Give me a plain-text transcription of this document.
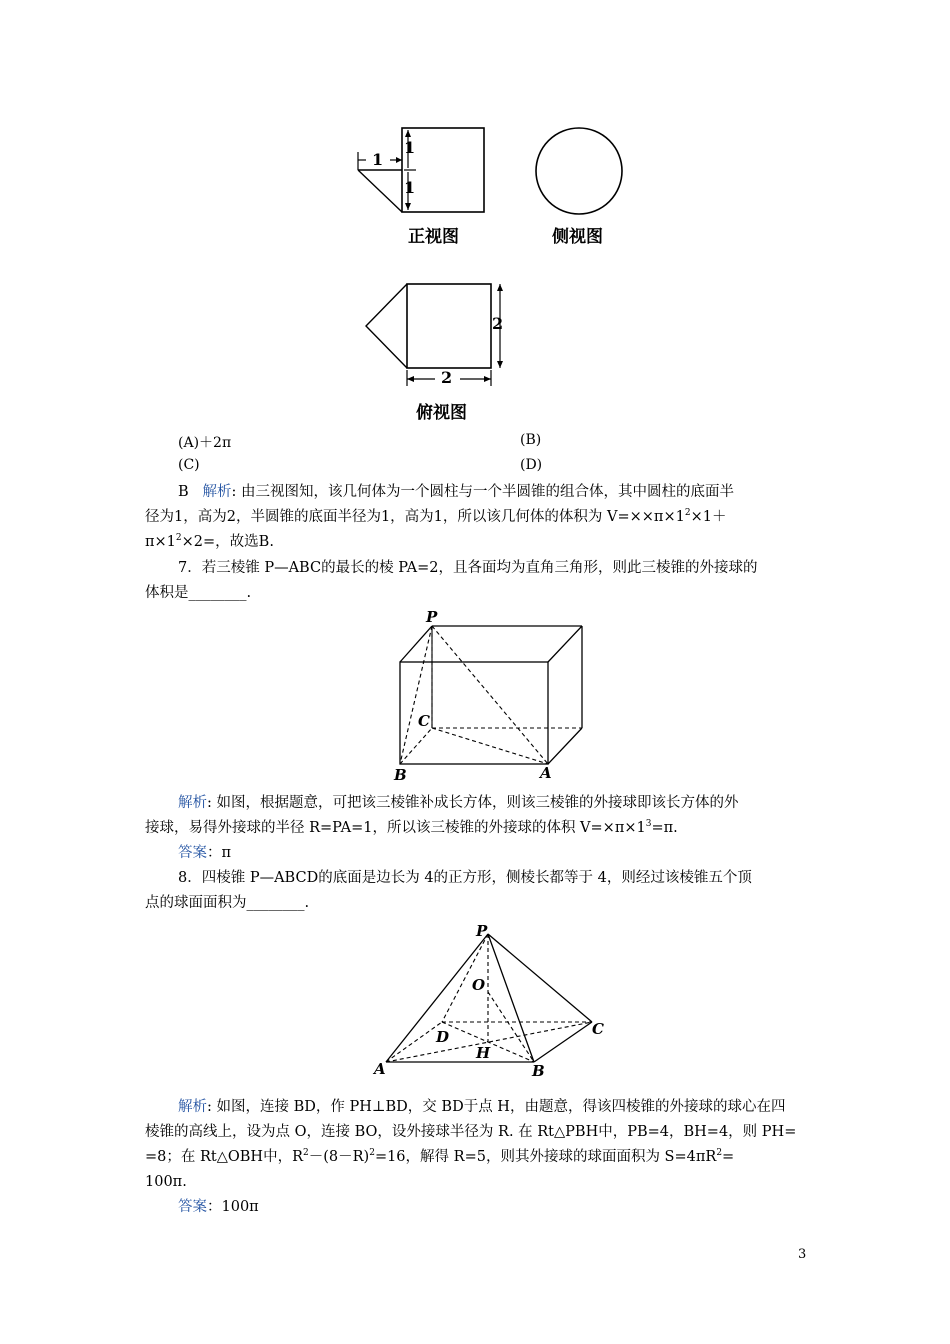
1
1
1
正视图	侧视图
2
2
俯视图
(A)＋2π	(B)
(C)	(D)
B 解析: 由三视图知，该几何体为一个圆柱与一个半圆锥的组合体，其中圆柱的底面半
径为1，高为2，半圆锥的底面半径为1，高为1，所以该几何体的体积为 $V=\times\times\pi\times 1^2\times 1+$
$\pi\times 1^2\times 2=$，故选B.
7．若三棱锥 P—ABC的最长的棱 PA=2，且各面均为直角三角形，则此三棱锥的外接球的
体积是________.
P
C
B	A
解析: 如图，根据题意，可把该三棱锥补成长方体，则该三棱锥的外接球即该长方体的外
接球，易得外接球的半径 R=PA=1，所以该三棱锥的外接球的体积 $V=\times\pi\times 1^3=\pi$.
答案：π
8．四棱锥 P—ABCD的底面是边长为 4的正方形，侧棱长都等于 4，则经过该棱锥五个顶
点的球面面积为________.
P
O
D	C
H
A	B
解析: 如图，连接 BD，作 PH⊥BD，交 BD于点 H，由题意，得该四棱锥的外接球的球心在四
棱锥的高线上，设为点 O，连接 BO，设外接球半径为 R. 在 Rt△PBH中，PB=4，BH=4，则 PH=
=8；在 Rt△OBH中，$R^2-(8-R)^2=16$，解得 R=5，则其外接球的球面面积为 $S=4\pi R^2=$
100π.
答案：100π
3
